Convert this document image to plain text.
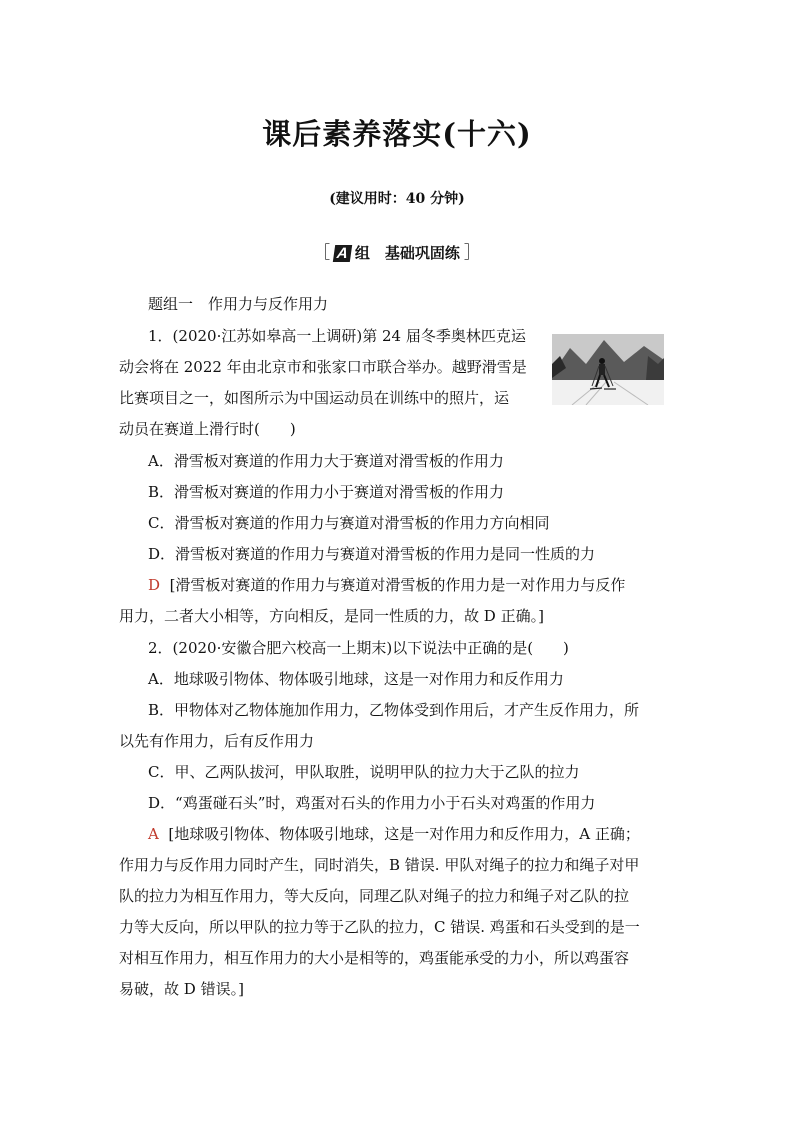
课后素养落实(十六)
(建议用时：40 分钟)
［ A 组　基础巩固练 ］
题组一　作用力与反作用力
1．(2020·江苏如皋高一上调研)第 24 届冬季奥林匹克运
动会将在 2022 年由北京市和张家口市联合举办。越野滑雪是
比赛项目之一，如图所示为中国运动员在训练中的照片，运
动员在赛道上滑行时(　　)
A．滑雪板对赛道的作用力大于赛道对滑雪板的作用力
B．滑雪板对赛道的作用力小于赛道对滑雪板的作用力
C．滑雪板对赛道的作用力与赛道对滑雪板的作用力方向相同
D．滑雪板对赛道的作用力与赛道对滑雪板的作用力是同一性质的力
D [滑雪板对赛道的作用力与赛道对滑雪板的作用力是一对作用力与反作
用力，二者大小相等，方向相反，是同一性质的力，故 D 正确。]
2．(2020·安徽合肥六校高一上期末)以下说法中正确的是(　　)
A．地球吸引物体、物体吸引地球，这是一对作用力和反作用力
B．甲物体对乙物体施加作用力，乙物体受到作用后，才产生反作用力，所
以先有作用力，后有反作用力
C．甲、乙两队拔河，甲队取胜，说明甲队的拉力大于乙队的拉力
D．“鸡蛋碰石头”时，鸡蛋对石头的作用力小于石头对鸡蛋的作用力
A [地球吸引物体、物体吸引地球，这是一对作用力和反作用力，A 正确；
作用力与反作用力同时产生，同时消失，B 错误. 甲队对绳子的拉力和绳子对甲
队的拉力为相互作用力，等大反向，同理乙队对绳子的拉力和绳子对乙队的拉
力等大反向，所以甲队的拉力等于乙队的拉力，C 错误. 鸡蛋和石头受到的是一
对相互作用力，相互作用力的大小是相等的，鸡蛋能承受的力小，所以鸡蛋容
易破，故 D 错误。]
